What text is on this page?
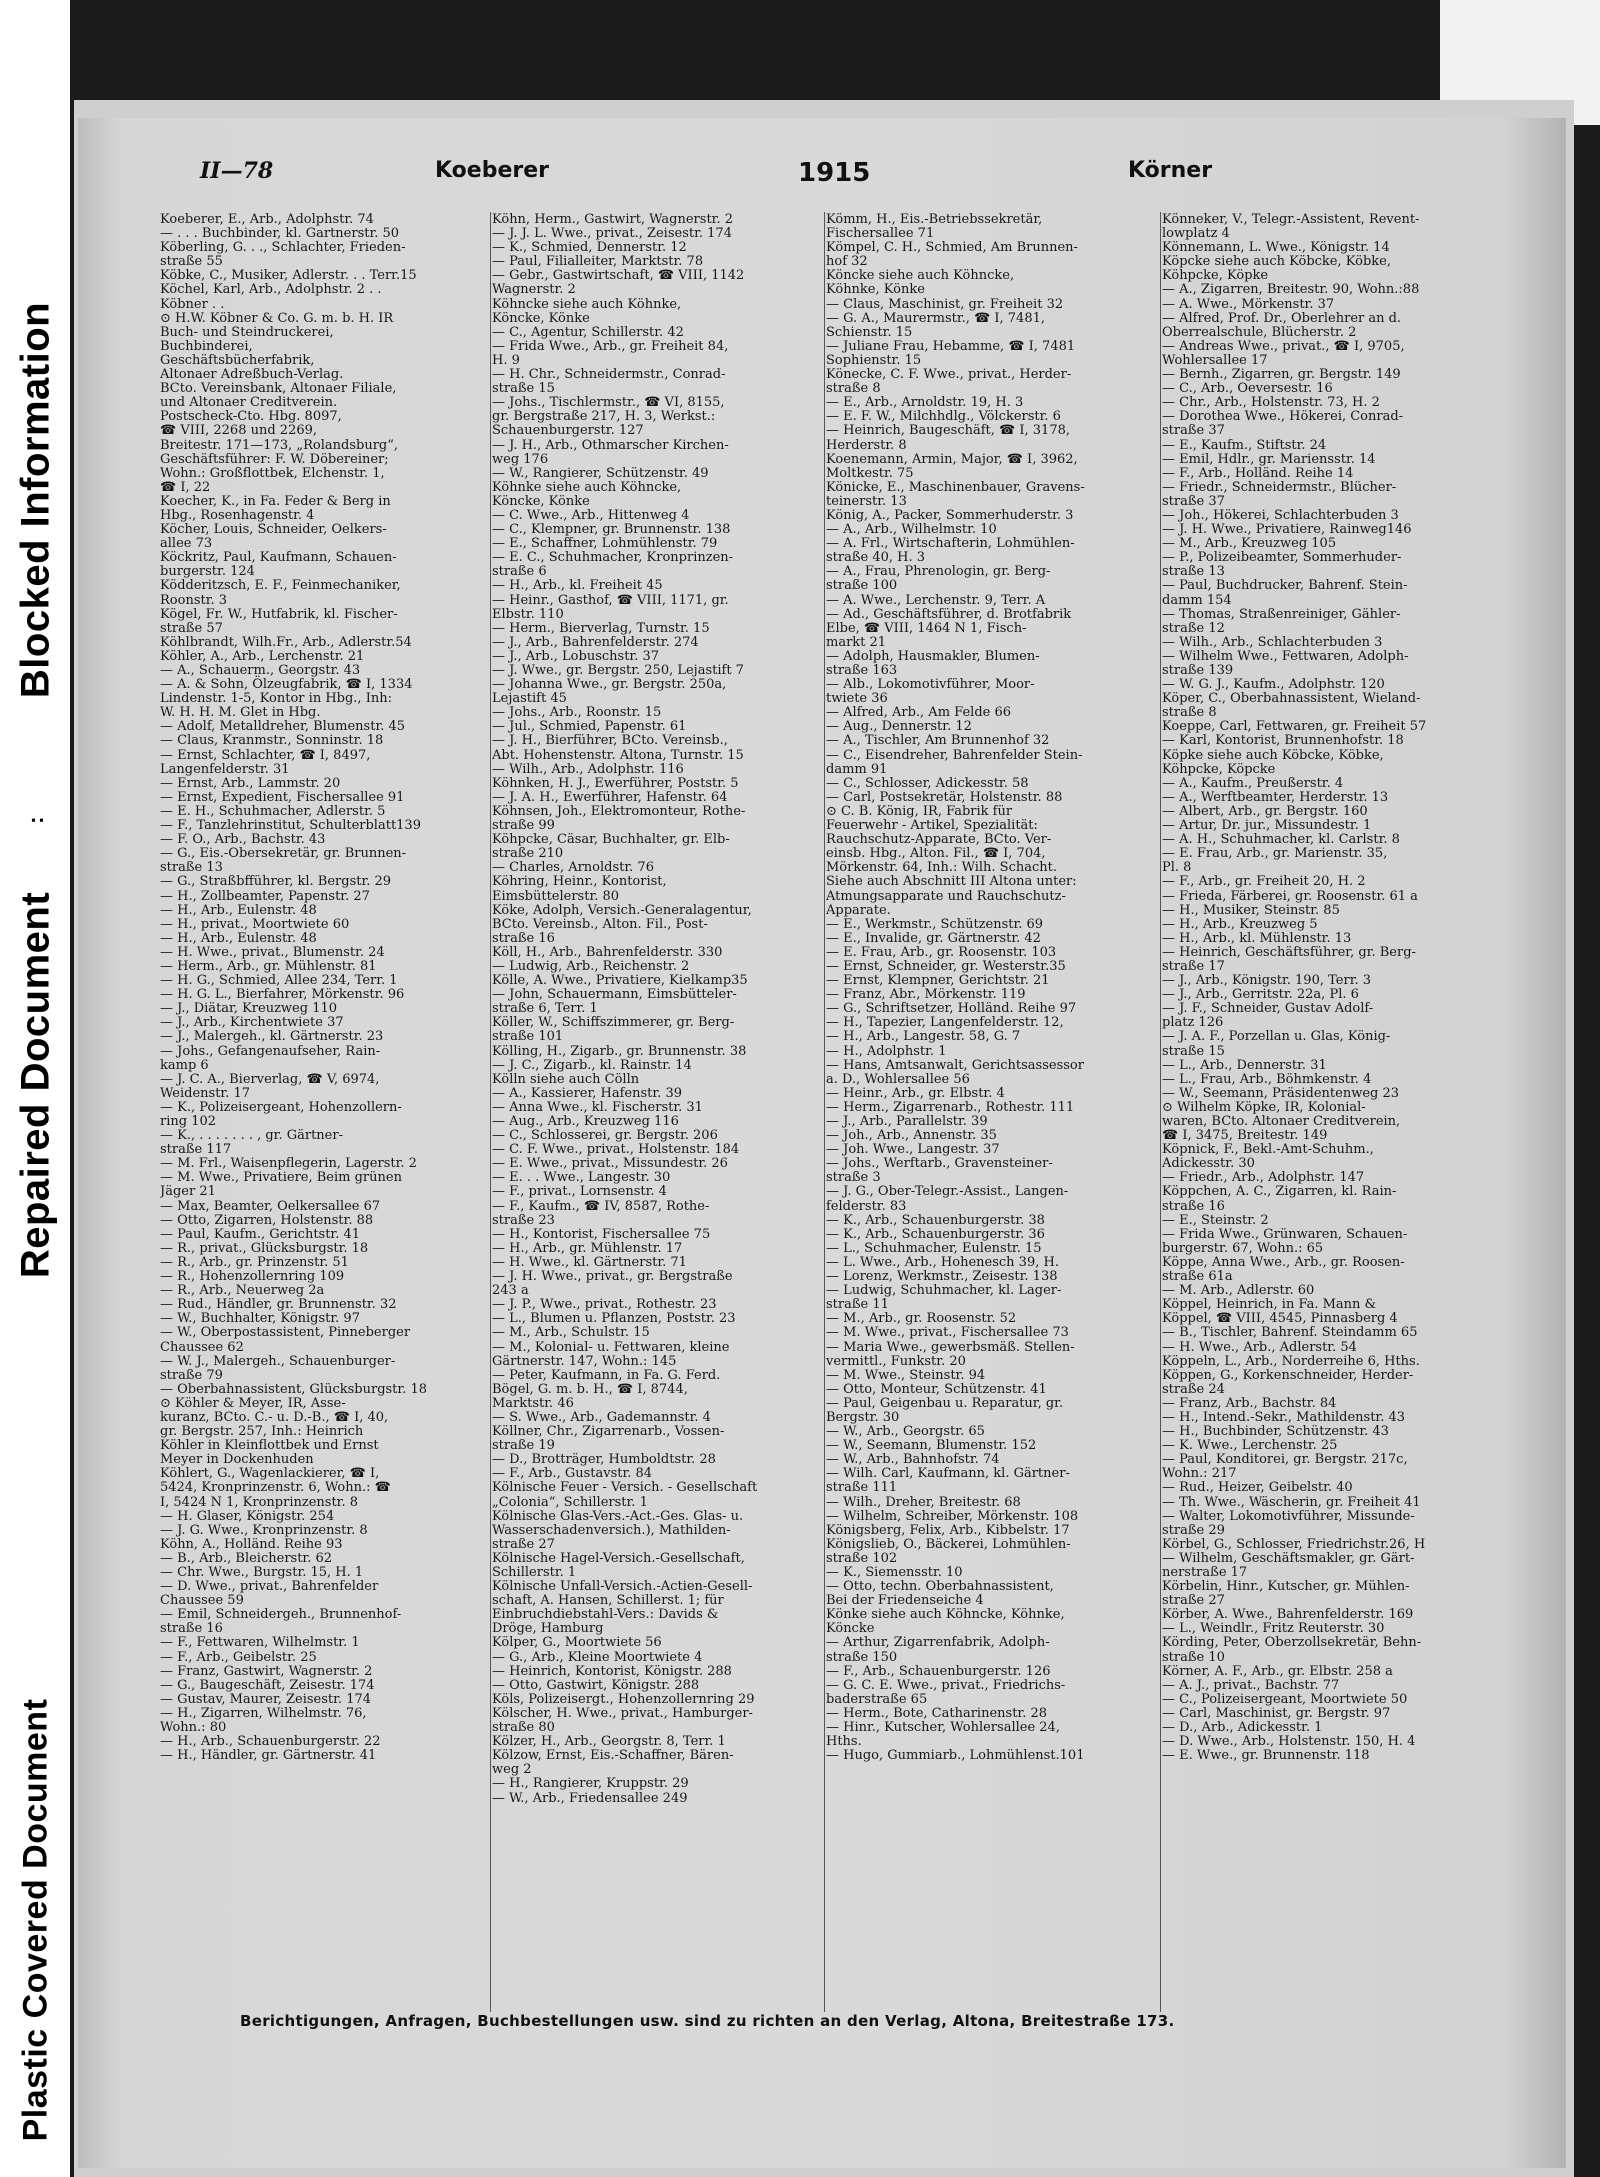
Plastic Covered Document
Repaired Document
:
Blocked Information
II—78	Koeberer	1915	Körner
Koeberer, E., Arb., Adolphstr. 74
— . . . Buchbinder, kl. Gartnerstr. 50
Köberling, G. . ., Schlachter, Frieden-
straße 55
Köbke, C., Musiker, Adlerstr. . . Terr.15
Köchel, Karl, Arb., Adolphstr. 2 . .
Köbner . .
⊙ H.W. Köbner & Co. G. m. b. H. IR
Buch- und Steindruckerei,
Buchbinderei,
Geschäftsbücherfabrik,
Altonaer Adreßbuch-Verlag.
BCto. Vereinsbank, Altonaer Filiale,
und Altonaer Creditverein.
Postscheck-Cto. Hbg. 8097,
☎ VIII, 2268 und 2269,
Breitestr. 171—173, „Rolandsburg“,
Geschäftsführer: F. W. Döbereiner;
Wohn.: Großflottbek, Elchenstr. 1,
☎ I, 22
Koecher, K., in Fa. Feder & Berg in
Hbg., Rosenhagenstr. 4
Köcher, Louis, Schneider, Oelkers-
allee 73
Köckritz, Paul, Kaufmann, Schauen-
burgerstr. 124
Ködderitzsch, E. F., Feinmechaniker,
Roonstr. 3
Kögel, Fr. W., Hutfabrik, kl. Fischer-
straße 57
Köhlbrandt, Wilh.Fr., Arb., Adlerstr.54
Köhler, A., Arb., Lerchenstr. 21
— A., Schauerm., Georgstr. 43
— A. & Sohn, Ölzeugfabrik, ☎ I, 1334
Lindenstr. 1-5, Kontor in Hbg., Inh:
W. H. H. M. Glet in Hbg.
— Adolf, Metalldreher, Blumenstr. 45
— Claus, Kranmstr., Sonninstr. 18
— Ernst, Schlachter, ☎ I, 8497,
Langenfelderstr. 31
— Ernst, Arb., Lammstr. 20
— Ernst, Expedient, Fischersallee 91
— E. H., Schuhmacher, Adlerstr. 5
— F., Tanzlehrinstitut, Schulterblatt139
— F. O., Arb., Bachstr. 43
— G., Eis.-Obersekretär, gr. Brunnen-
straße 13
— G., Straßbfführer, kl. Bergstr. 29
— H., Zollbeamter, Papenstr. 27
— H., Arb., Eulenstr. 48
— H., privat., Moortwiete 60
— H., Arb., Eulenstr. 48
— H. Wwe., privat., Blumenstr. 24
— Herm., Arb., gr. Mühlenstr. 81
— H. G., Schmied, Allee 234, Terr. 1
— H. G. L., Bierfahrer, Mörkenstr. 96
— J., Diätar, Kreuzweg 110
— J., Arb., Kirchentwiete 37
— J., Malergeh., kl. Gärtnerstr. 23
— Johs., Gefangenaufseher, Rain-
kamp 6
— J. C. A., Bierverlag, ☎ V, 6974,
Weidenstr. 17
— K., Polizeisergeant, Hohenzollern-
ring 102
— K., . . . . . . . , gr. Gärtner-
straße 117
— M. Frl., Waisenpflegerin, Lagerstr. 2
— M. Wwe., Privatiere, Beim grünen
Jäger 21
— Max, Beamter, Oelkersallee 67
— Otto, Zigarren, Holstenstr. 88
— Paul, Kaufm., Gerichtstr. 41
— R., privat., Glücksburgstr. 18
— R., Arb., gr. Prinzenstr. 51
— R., Hohenzollernring 109
— R., Arb., Neuerweg 2a
— Rud., Händler, gr. Brunnenstr. 32
— W., Buchhalter, Königstr. 97
— W., Oberpostassistent, Pinneberger
Chaussee 62
— W. J., Malergeh., Schauenburger-
straße 79
— Oberbahnassistent, Glücksburgstr. 18
⊙ Köhler & Meyer, IR, Asse-
kuranz, BCto. C.- u. D.-B., ☎ I, 40,
gr. Bergstr. 257, Inh.: Heinrich
Köhler in Kleinflottbek und Ernst
Meyer in Dockenhuden
Köhlert, G., Wagenlackierer, ☎ I,
5424, Kronprinzenstr. 6, Wohn.: ☎
I, 5424 N 1, Kronprinzenstr. 8
— H. Glaser, Königstr. 254
— J. G. Wwe., Kronprinzenstr. 8
Köhn, A., Holländ. Reihe 93
— B., Arb., Bleicherstr. 62
— Chr. Wwe., Burgstr. 15, H. 1
— D. Wwe., privat., Bahrenfelder
Chaussee 59
— Emil, Schneidergeh., Brunnenhof-
straße 16
— F., Fettwaren, Wilhelmstr. 1
— F., Arb., Geibelstr. 25
— Franz, Gastwirt, Wagnerstr. 2
— G., Baugeschäft, Zeisestr. 174
— Gustav, Maurer, Zeisestr. 174
— H., Zigarren, Wilhelmstr. 76,
Wohn.: 80
— H., Arb., Schauenburgerstr. 22
— H., Händler, gr. Gärtnerstr. 41
Köhn, Herm., Gastwirt, Wagnerstr. 2
— J. J. L. Wwe., privat., Zeisestr. 174
— K., Schmied, Dennerstr. 12
— Paul, Filialleiter, Marktstr. 78
— Gebr., Gastwirtschaft, ☎ VIII, 1142
Wagnerstr. 2
Köhncke siehe auch Köhnke,
Köncke, Könke
— C., Agentur, Schillerstr. 42
— Frida Wwe., Arb., gr. Freiheit 84,
H. 9
— H. Chr., Schneidermstr., Conrad-
straße 15
— Johs., Tischlermstr., ☎ VI, 8155,
gr. Bergstraße 217, H. 3, Werkst.:
Schauenburgerstr. 127
— J. H., Arb., Othmarscher Kirchen-
weg 176
— W., Rangierer, Schützenstr. 49
Köhnke siehe auch Köhncke,
Köncke, Könke
— C. Wwe., Arb., Hittenweg 4
— C., Klempner, gr. Brunnenstr. 138
— E., Schaffner, Lohmühlenstr. 79
— E. C., Schuhmacher, Kronprinzen-
straße 6
— H., Arb., kl. Freiheit 45
— Heinr., Gasthof, ☎ VIII, 1171, gr.
Elbstr. 110
— Herm., Bierverlag, Turnstr. 15
— J., Arb., Bahrenfelderstr. 274
— J., Arb., Lobuschstr. 37
— J. Wwe., gr. Bergstr. 250, Lejastift 7
— Johanna Wwe., gr. Bergstr. 250a,
Lejastift 45
— Johs., Arb., Roonstr. 15
— Jul., Schmied, Papenstr. 61
— J. H., Bierführer, BCto. Vereinsb.,
Abt. Hohenstenstr. Altona, Turnstr. 15
— Wilh., Arb., Adolphstr. 116
Köhnken, H. J., Ewerführer, Poststr. 5
— J. A. H., Ewerführer, Hafenstr. 64
Köhnsen, Joh., Elektromonteur, Rothe-
straße 99
Köhpcke, Cäsar, Buchhalter, gr. Elb-
straße 210
— Charles, Arnoldstr. 76
Köhring, Heinr., Kontorist,
Eimsbüttelerstr. 80
Köke, Adolph, Versich.-Generalagentur,
BCto. Vereinsb., Alton. Fil., Post-
straße 16
Köll, H., Arb., Bahrenfelderstr. 330
— Ludwig, Arb., Reichenstr. 2
Kölle, A. Wwe., Privatiere, Kielkamp35
— John, Schauermann, Eimsbütteler-
straße 6, Terr. 1
Köller, W., Schiffszimmerer, gr. Berg-
straße 101
Kölling, H., Zigarb., gr. Brunnenstr. 38
— J. C., Zigarb., kl. Rainstr. 14
Kölln siehe auch Cölln
— A., Kassierer, Hafenstr. 39
— Anna Wwe., kl. Fischerstr. 31
— Aug., Arb., Kreuzweg 116
— C., Schlosserei, gr. Bergstr. 206
— C. F. Wwe., privat., Holstenstr. 184
— E. Wwe., privat., Missundestr. 26
— E. . . Wwe., Langestr. 30
— F., privat., Lornsenstr. 4
— F., Kaufm., ☎ IV, 8587, Rothe-
straße 23
— H., Kontorist, Fischersallee 75
— H., Arb., gr. Mühlenstr. 17
— H. Wwe., kl. Gärtnerstr. 71
— J. H. Wwe., privat., gr. Bergstraße
243 a
— J. P., Wwe., privat., Rothestr. 23
— L., Blumen u. Pflanzen, Poststr. 23
— M., Arb., Schulstr. 15
— M., Kolonial- u. Fettwaren, kleine
Gärtnerstr. 147, Wohn.: 145
— Peter, Kaufmann, in Fa. G. Ferd.
Bögel, G. m. b. H., ☎ I, 8744,
Marktstr. 46
— S. Wwe., Arb., Gademannstr. 4
Köllner, Chr., Zigarrenarb., Vossen-
straße 19
— D., Brotträger, Humboldtstr. 28
— F., Arb., Gustavstr. 84
Kölnische Feuer - Versich. - Gesellschaft
„Colonia“, Schillerstr. 1
Kölnische Glas-Vers.-Act.-Ges. Glas- u.
Wasserschadenversich.), Mathilden-
straße 27
Kölnische Hagel-Versich.-Gesellschaft,
Schillerstr. 1
Kölnische Unfall-Versich.-Actien-Gesell-
schaft, A. Hansen, Schillerst. 1; für
Einbruchdiebstahl-Vers.: Davids &
Dröge, Hamburg
Kölper, G., Moortwiete 56
— G., Arb., Kleine Moortwiete 4
— Heinrich, Kontorist, Königstr. 288
— Otto, Gastwirt, Königstr. 288
Köls, Polizeisergt., Hohenzollernring 29
Kölscher, H. Wwe., privat., Hamburger-
straße 80
Kölzer, H., Arb., Georgstr. 8, Terr. 1
Kölzow, Ernst, Eis.-Schaffner, Bären-
weg 2
— H., Rangierer, Kruppstr. 29
— W., Arb., Friedensallee 249
Kömm, H., Eis.-Betriebssekretär,
Fischersallee 71
Kömpel, C. H., Schmied, Am Brunnen-
hof 32
Köncke siehe auch Köhncke,
Köhnke, Könke
— Claus, Maschinist, gr. Freiheit 32
— G. A., Maurermstr., ☎ I, 7481,
Schienstr. 15
— Juliane Frau, Hebamme, ☎ I, 7481
Sophienstr. 15
Könecke, C. F. Wwe., privat., Herder-
straße 8
— E., Arb., Arnoldstr. 19, H. 3
— E. F. W., Milchhdlg., Völckerstr. 6
— Heinrich, Baugeschäft, ☎ I, 3178,
Herderstr. 8
Koenemann, Armin, Major, ☎ I, 3962,
Moltkestr. 75
Könicke, E., Maschinenbauer, Gravens-
teinerstr. 13
König, A., Packer, Sommerhuderstr. 3
— A., Arb., Wilhelmstr. 10
— A. Frl., Wirtschafterin, Lohmühlen-
straße 40, H. 3
— A., Frau, Phrenologin, gr. Berg-
straße 100
— A. Wwe., Lerchenstr. 9, Terr. A
— Ad., Geschäftsführer, d. Brotfabrik
Elbe, ☎ VIII, 1464 N 1, Fisch-
markt 21
— Adolph, Hausmakler, Blumen-
straße 163
— Alb., Lokomotivführer, Moor-
twiete 36
— Alfred, Arb., Am Felde 66
— Aug., Dennerstr. 12
— A., Tischler, Am Brunnenhof 32
— C., Eisendreher, Bahrenfelder Stein-
damm 91
— C., Schlosser, Adickesstr. 58
— Carl, Postsekretär, Holstenstr. 88
⊙ C. B. König, IR, Fabrik für
Feuerwehr - Artikel, Spezialität:
Rauchschutz-Apparate, BCto. Ver-
einsb. Hbg., Alton. Fil., ☎ I, 704,
Mörkenstr. 64, Inh.: Wilh. Schacht.
Siehe auch Abschnitt III Altona unter:
Atmungsapparate und Rauchschutz-
Apparate.
— E., Werkmstr., Schützenstr. 69
— E., Invalide, gr. Gärtnerstr. 42
— E. Frau, Arb., gr. Roosenstr. 103
— Ernst, Schneider, gr. Westerstr.35
— Ernst, Klempner, Gerichtstr. 21
— Franz, Abr., Mörkenstr. 119
— G., Schriftsetzer, Holländ. Reihe 97
— H., Tapezier, Langenfelderstr. 12,
— H., Arb., Langestr. 58, G. 7
— H., Adolphstr. 1
— Hans, Amtsanwalt, Gerichtsassessor
a. D., Wohlersallee 56
— Heinr., Arb., gr. Elbstr. 4
— Herm., Zigarrenarb., Rothestr. 111
— J., Arb., Parallelstr. 39
— Joh., Arb., Annenstr. 35
— Joh. Wwe., Langestr. 37
— Johs., Werftarb., Gravensteiner-
straße 3
— J. G., Ober-Telegr.-Assist., Langen-
felderstr. 83
— K., Arb., Schauenburgerstr. 38
— K., Arb., Schauenburgerstr. 36
— L., Schuhmacher, Eulenstr. 15
— L. Wwe., Arb., Hohenesch 39, H.
— Lorenz, Werkmstr., Zeisestr. 138
— Ludwig, Schuhmacher, kl. Lager-
straße 11
— M., Arb., gr. Roosenstr. 52
— M. Wwe., privat., Fischersallee 73
— Maria Wwe., gewerbsmäß. Stellen-
vermittl., Funkstr. 20
— M. Wwe., Steinstr. 94
— Otto, Monteur, Schützenstr. 41
— Paul, Geigenbau u. Reparatur, gr.
Bergstr. 30
— W., Arb., Georgstr. 65
— W., Seemann, Blumenstr. 152
— W., Arb., Bahnhofstr. 74
— Wilh. Carl, Kaufmann, kl. Gärtner-
straße 111
— Wilh., Dreher, Breitestr. 68
— Wilhelm, Schreiber, Mörkenstr. 108
Königsberg, Felix, Arb., Kibbelstr. 17
Königslieb, O., Bäckerei, Lohmühlen-
straße 102
— K., Siemensstr. 10
— Otto, techn. Oberbahnassistent,
Bei der Friedenseiche 4
Könke siehe auch Köhncke, Köhnke,
Köncke
— Arthur, Zigarrenfabrik, Adolph-
straße 150
— F., Arb., Schauenburgerstr. 126
— G. C. E. Wwe., privat., Friedrichs-
baderstraße 65
— Herm., Bote, Catharinenstr. 28
— Hinr., Kutscher, Wohlersallee 24,
Hths.
— Hugo, Gummiarb., Lohmühlenst.101
Könneker, V., Telegr.-Assistent, Revent-
lowplatz 4
Könnemann, L. Wwe., Königstr. 14
Köpcke siehe auch Köbcke, Köbke,
Köhpcke, Köpke
— A., Zigarren, Breitestr. 90, Wohn.:88
— A. Wwe., Mörkenstr. 37
— Alfred, Prof. Dr., Oberlehrer an d.
Oberrealschule, Blücherstr. 2
— Andreas Wwe., privat., ☎ I, 9705,
Wohlersallee 17
— Bernh., Zigarren, gr. Bergstr. 149
— C., Arb., Oeversestr. 16
— Chr., Arb., Holstenstr. 73, H. 2
— Dorothea Wwe., Hökerei, Conrad-
straße 37
— E., Kaufm., Stiftstr. 24
— Emil, Hdlr., gr. Mariensstr. 14
— F., Arb., Holländ. Reihe 14
— Friedr., Schneidermstr., Blücher-
straße 37
— Joh., Hökerei, Schlachterbuden 3
— J. H. Wwe., Privatiere, Rainweg146
— M., Arb., Kreuzweg 105
— P., Polizeibeamter, Sommerhuder-
straße 13
— Paul, Buchdrucker, Bahrenf. Stein-
damm 154
— Thomas, Straßenreiniger, Gähler-
straße 12
— Wilh., Arb., Schlachterbuden 3
— Wilhelm Wwe., Fettwaren, Adolph-
straße 139
— W. G. J., Kaufm., Adolphstr. 120
Köper, C., Oberbahnassistent, Wieland-
straße 8
Koeppe, Carl, Fettwaren, gr. Freiheit 57
— Karl, Kontorist, Brunnenhofstr. 18
Köpke siehe auch Köbcke, Köbke,
Köhpcke, Köpcke
— A., Kaufm., Preußerstr. 4
— A., Werftbeamter, Herderstr. 13
— Albert, Arb., gr. Bergstr. 160
— Artur, Dr. jur., Missundestr. 1
— A. H., Schuhmacher, kl. Carlstr. 8
— E. Frau, Arb., gr. Marienstr. 35,
Pl. 8
— F., Arb., gr. Freiheit 20, H. 2
— Frieda, Färberei, gr. Roosenstr. 61 a
— H., Musiker, Steinstr. 85
— H., Arb., Kreuzweg 5
— H., Arb., kl. Mühlenstr. 13
— Heinrich, Geschäftsführer, gr. Berg-
straße 17
— J., Arb., Königstr. 190, Terr. 3
— J., Arb., Gerritstr. 22a, Pl. 6
— J. F., Schneider, Gustav Adolf-
platz 126
— J. A. F., Porzellan u. Glas, König-
straße 15
— L., Arb., Dennerstr. 31
— L., Frau, Arb., Böhmkenstr. 4
— W., Seemann, Präsidentenweg 23
⊙ Wilhelm Köpke, IR, Kolonial-
waren, BCto. Altonaer Creditverein,
☎ I, 3475, Breitestr. 149
Köpnick, F., Bekl.-Amt-Schuhm.,
Adickesstr. 30
— Friedr., Arb., Adolphstr. 147
Köppchen, A. C., Zigarren, kl. Rain-
straße 16
— E., Steinstr. 2
— Frida Wwe., Grünwaren, Schauen-
burgerstr. 67, Wohn.: 65
Köppe, Anna Wwe., Arb., gr. Roosen-
straße 61a
— M. Arb., Adlerstr. 60
Köppel, Heinrich, in Fa. Mann &
Köppel, ☎ VIII, 4545, Pinnasberg 4
— B., Tischler, Bahrenf. Steindamm 65
— H. Wwe., Arb., Adlerstr. 54
Köppeln, L., Arb., Norderreihe 6, Hths.
Köppen, G., Korkenschneider, Herder-
straße 24
— Franz, Arb., Bachstr. 84
— H., Intend.-Sekr., Mathildenstr. 43
— H., Buchbinder, Schützenstr. 43
— K. Wwe., Lerchenstr. 25
— Paul, Konditorei, gr. Bergstr. 217c,
Wohn.: 217
— Rud., Heizer, Geibelstr. 40
— Th. Wwe., Wäscherin, gr. Freiheit 41
— Walter, Lokomotivführer, Missunde-
straße 29
Körbel, G., Schlosser, Friedrichstr.26, H
— Wilhelm, Geschäftsmakler, gr. Gärt-
nerstraße 17
Körbelin, Hinr., Kutscher, gr. Mühlen-
straße 27
Körber, A. Wwe., Bahrenfelderstr. 169
— L., Weindlr., Fritz Reuterstr. 30
Körding, Peter, Oberzollsekretär, Behn-
straße 10
Körner, A. F., Arb., gr. Elbstr. 258 a
— A. J., privat., Bachstr. 77
— C., Polizeisergeant, Moortwiete 50
— Carl, Maschinist, gr. Bergstr. 97
— D., Arb., Adickesstr. 1
— D. Wwe., Arb., Holstenstr. 150, H. 4
— E. Wwe., gr. Brunnenstr. 118
Berichtigungen, Anfragen, Buchbestellungen usw. sind zu richten an den Verlag, Altona, Breitestraße 173.
